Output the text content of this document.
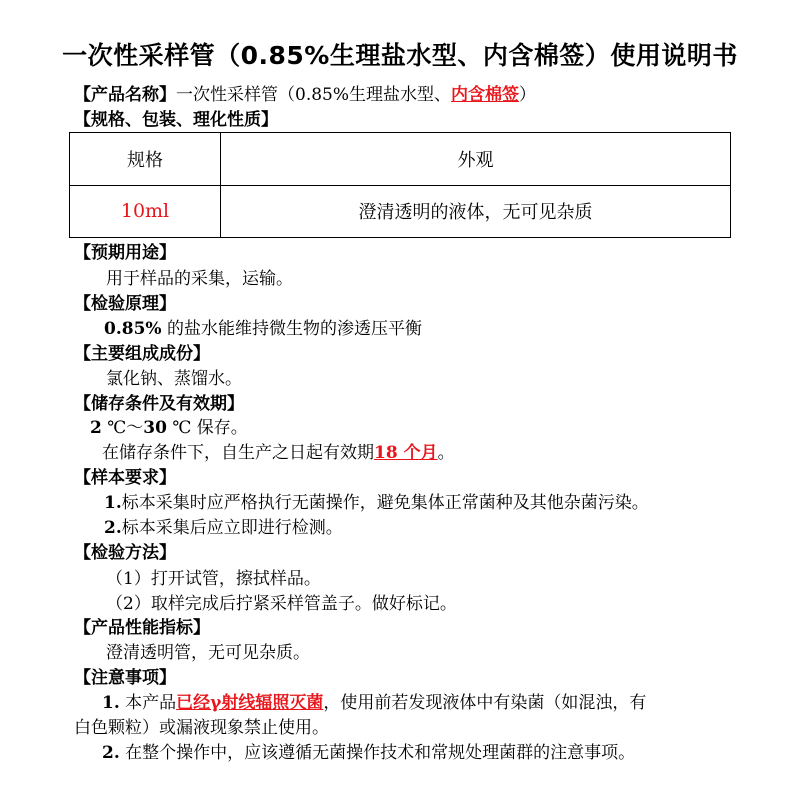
一次性采样管（0.85%生理盐水型、内含棉签）使用说明书
【产品名称】一次性采样管（0.85%生理盐水型、内含棉签）
【规格、包装、理化性质】
规格	外观
10ml	澄清透明的液体，无可见杂质
【预期用途】
用于样品的采集，运输。
【检验原理】
0.85% 的盐水能维持微生物的渗透压平衡
【主要组成成份】
氯化钠、蒸馏水。
【储存条件及有效期】
2 ℃～30 ℃ 保存。
在储存条件下，自生产之日起有效期18 个月。
【样本要求】
1.标本采集时应严格执行无菌操作，避免集体正常菌种及其他杂菌污染。
2.标本采集后应立即进行检测。
【检验方法】
（1）打开试管，擦拭样品。
（2）取样完成后拧紧采样管盖子。做好标记。
【产品性能指标】
澄清透明管，无可见杂质。
【注意事项】
1. 本产品已经γ射线辐照灭菌，使用前若发现液体中有染菌（如混浊，有
白色颗粒）或漏液现象禁止使用。
2. 在整个操作中，应该遵循无菌操作技术和常规处理菌群的注意事项。
